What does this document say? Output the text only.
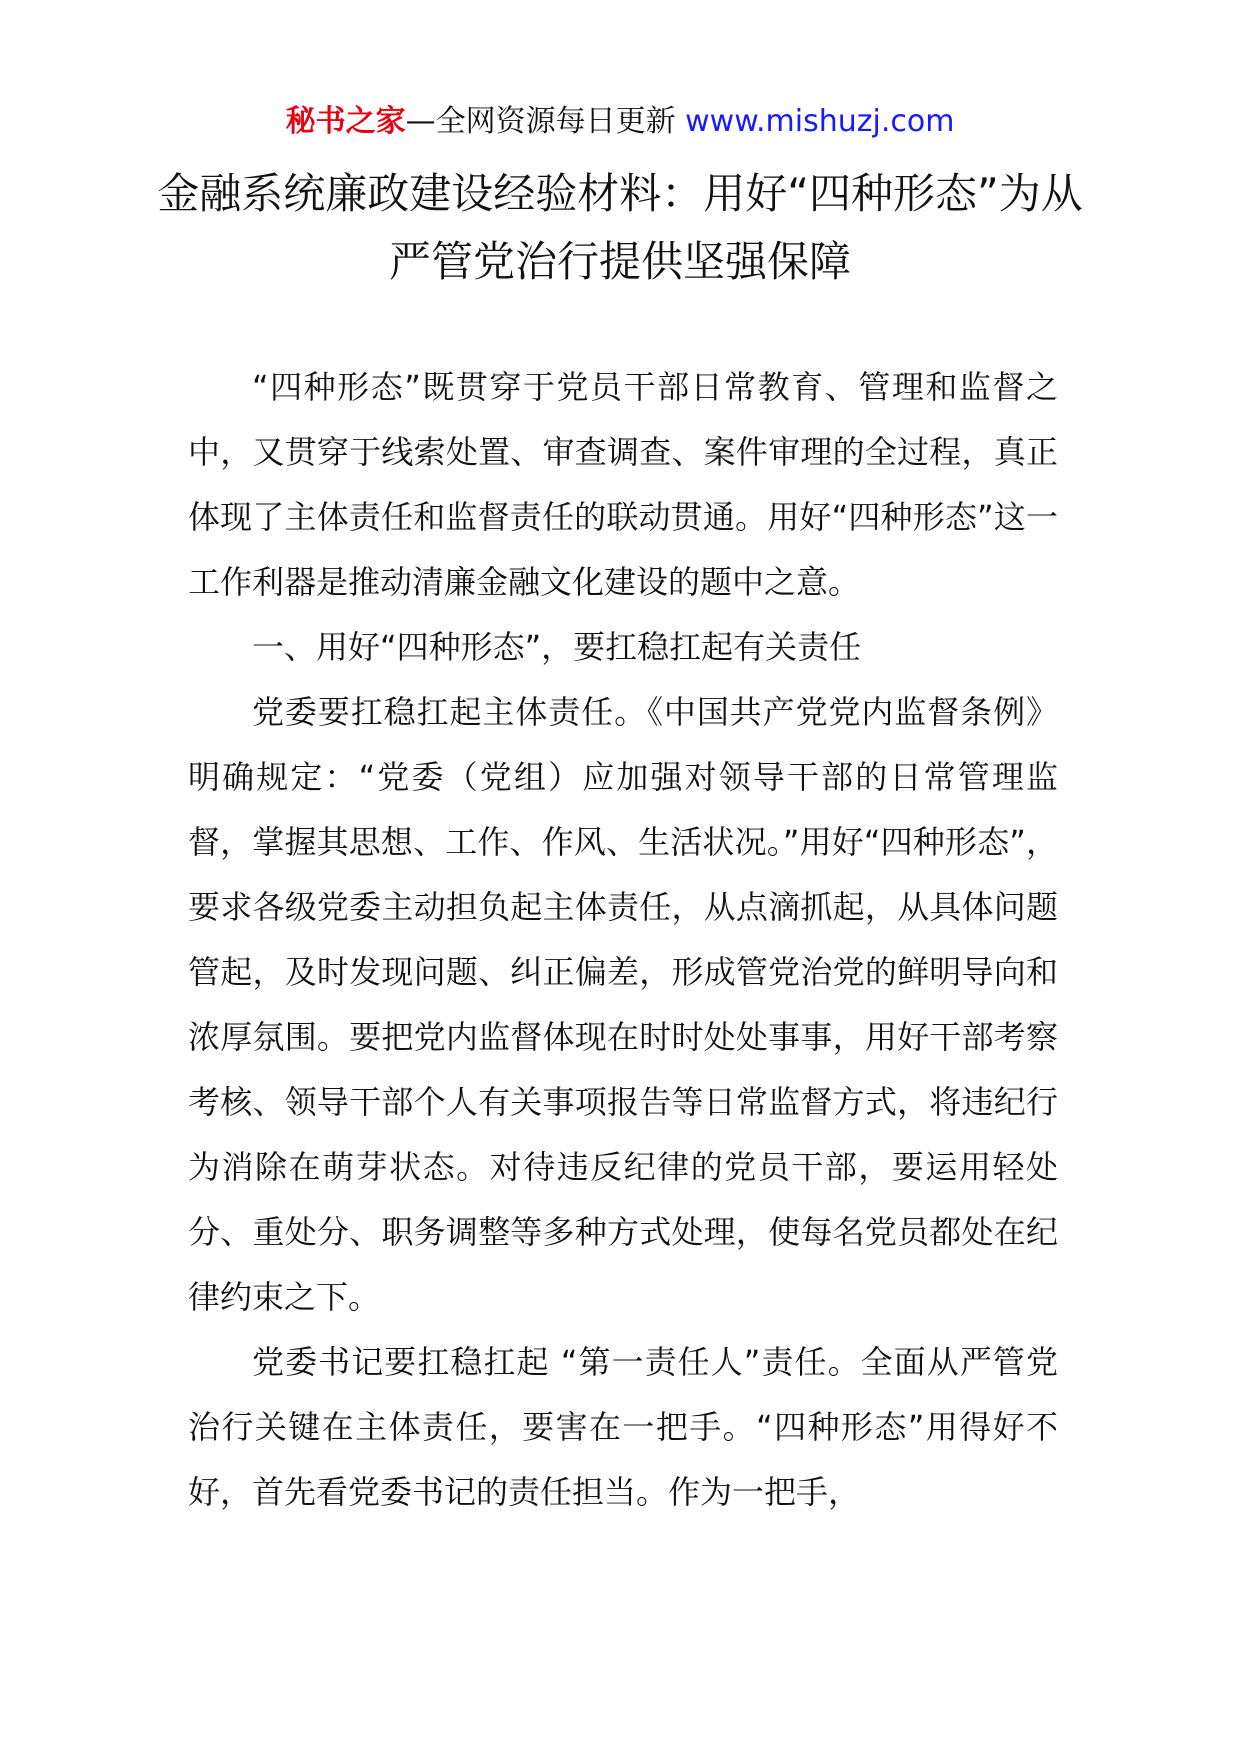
秘书之家—全网资源每日更新 www.mishuzj.com
金融系统廉政建设经验材料：用好“四种形态”为从严管党治行提供坚强保障

“四种形态”既贯穿于党员干部日常教育、管理和监督之中，又贯穿于线索处置、审查调查、案件审理的全过程，真正体现了主体责任和监督责任的联动贯通。用好“四种形态”这一工作利器是推动清廉金融文化建设的题中之意。

一、用好“四种形态”，要扛稳扛起有关责任

党委要扛稳扛起主体责任。《中国共产党党内监督条例》明确规定：“党委（党组）应加强对领导干部的日常管理监督，掌握其思想、工作、作风、生活状况。”用好“四种形态”，要求各级党委主动担负起主体责任，从点滴抓起，从具体问题管起，及时发现问题、纠正偏差，形成管党治党的鲜明导向和浓厚氛围。要把党内监督体现在时时处处事事，用好干部考察考核、领导干部个人有关事项报告等日常监督方式，将违纪行为消除在萌芽状态。对待违反纪律的党员干部，要运用轻处分、重处分、职务调整等多种方式处理，使每名党员都处在纪律约束之下。

党委书记要扛稳扛起 “第一责任人”责任。全面从严管党治行关键在主体责任，要害在一把手。“四种形态”用得好不好，首先看党委书记的责任担当。作为一把手，
